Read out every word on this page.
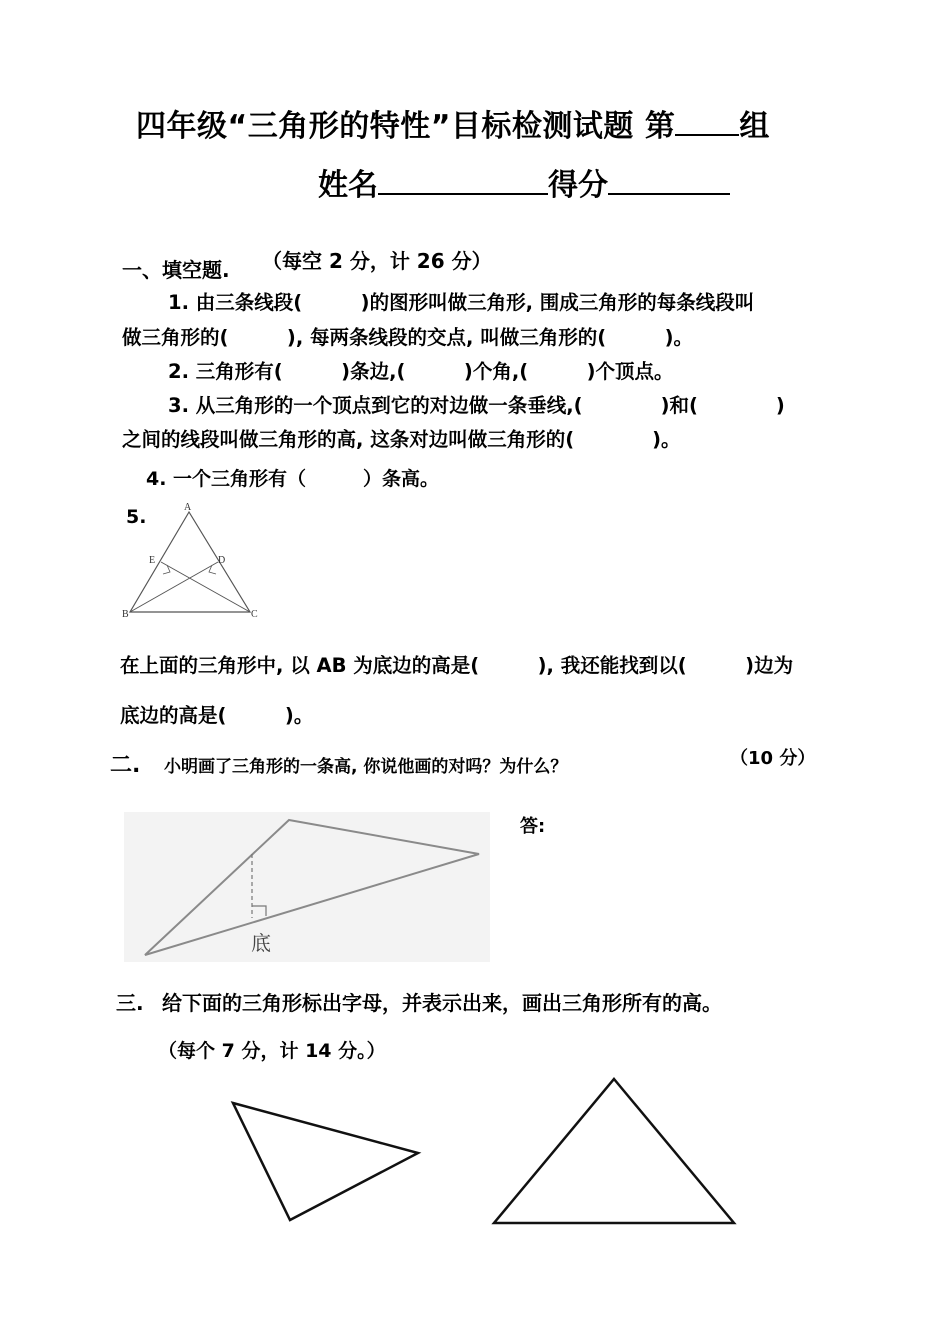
四年级“三角形的特性”目标检测试题 第 组
姓名	得分
一、填空题. （每空 2 分，计 26 分）
1. 由三条线段(　　　)的图形叫做三角形, 围成三角形的每条线段叫
做三角形的(　　　), 每两条线段的交点, 叫做三角形的(　　　)。
2. 三角形有(　　　)条边,(　　　)个角,(　　　)个顶点。
3. 从三角形的一个顶点到它的对边做一条垂线,(　　　　)和(　　　　)
之间的线段叫做三角形的高, 这条对边叫做三角形的(　　　　)。
4. 一个三角形有（　　　）条高。
5.	A
B	C
D
E
在上面的三角形中, 以 AB 为底边的高是(　　　), 我还能找到以(　　　)边为
底边的高是(　　　)。
二. 小明画了三角形的一条高, 你说他画的对吗？为什么？	（10 分）
答:
底
三. 给下面的三角形标出字母，并表示出来，画出三角形所有的高。
（每个 7 分，计 14 分。）
